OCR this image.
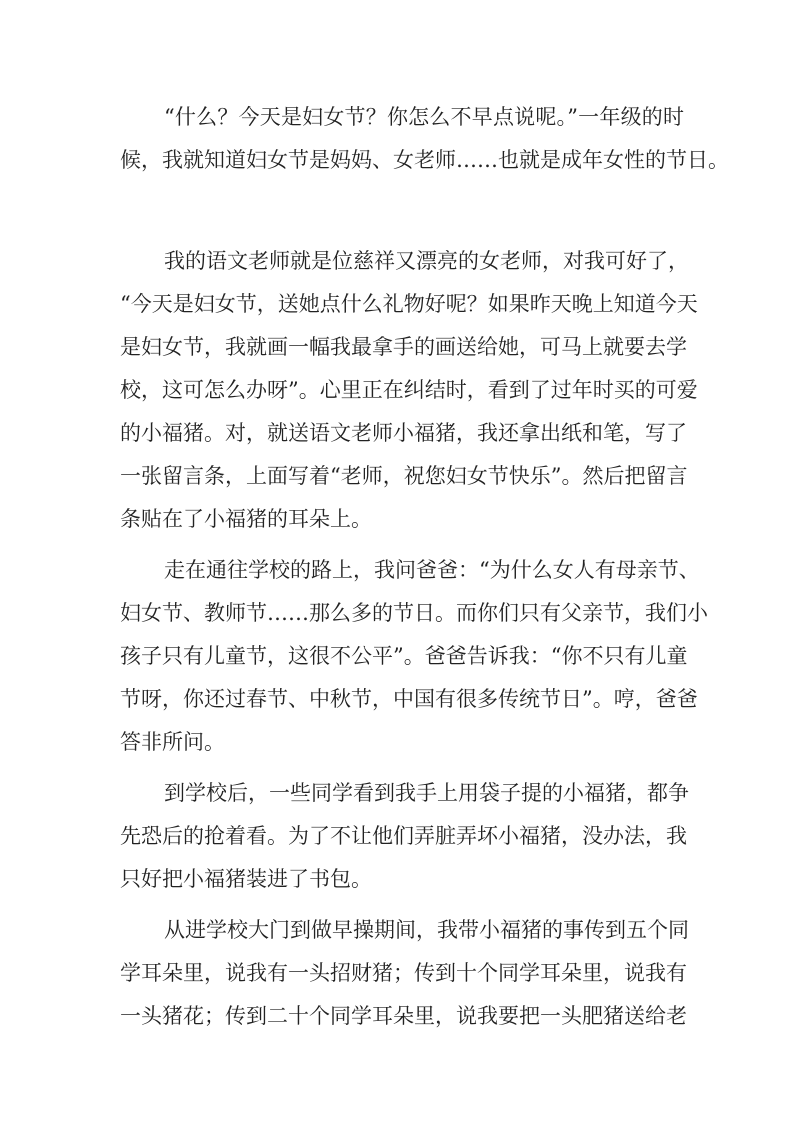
“什么？今天是妇女节？你怎么不早点说呢。”一年级的时
候，我就知道妇女节是妈妈、女老师……也就是成年女性的节日。
我的语文老师就是位慈祥又漂亮的女老师，对我可好了，
“今天是妇女节，送她点什么礼物好呢？如果昨天晚上知道今天
是妇女节，我就画一幅我最拿手的画送给她，可马上就要去学
校，这可怎么办呀”。心里正在纠结时，看到了过年时买的可爱
的小福猪。对，就送语文老师小福猪，我还拿出纸和笔，写了
一张留言条，上面写着“老师，祝您妇女节快乐”。然后把留言
条贴在了小福猪的耳朵上。
走在通往学校的路上，我问爸爸：“为什么女人有母亲节、
妇女节、教师节……那么多的节日。而你们只有父亲节，我们小
孩子只有儿童节，这很不公平”。爸爸告诉我：“你不只有儿童
节呀，你还过春节、中秋节，中国有很多传统节日”。哼，爸爸
答非所问。
到学校后，一些同学看到我手上用袋子提的小福猪，都争
先恐后的抢着看。为了不让他们弄脏弄坏小福猪，没办法，我
只好把小福猪装进了书包。
从进学校大门到做早操期间，我带小福猪的事传到五个同
学耳朵里，说我有一头招财猪；传到十个同学耳朵里，说我有
一头猪花；传到二十个同学耳朵里，说我要把一头肥猪送给老
